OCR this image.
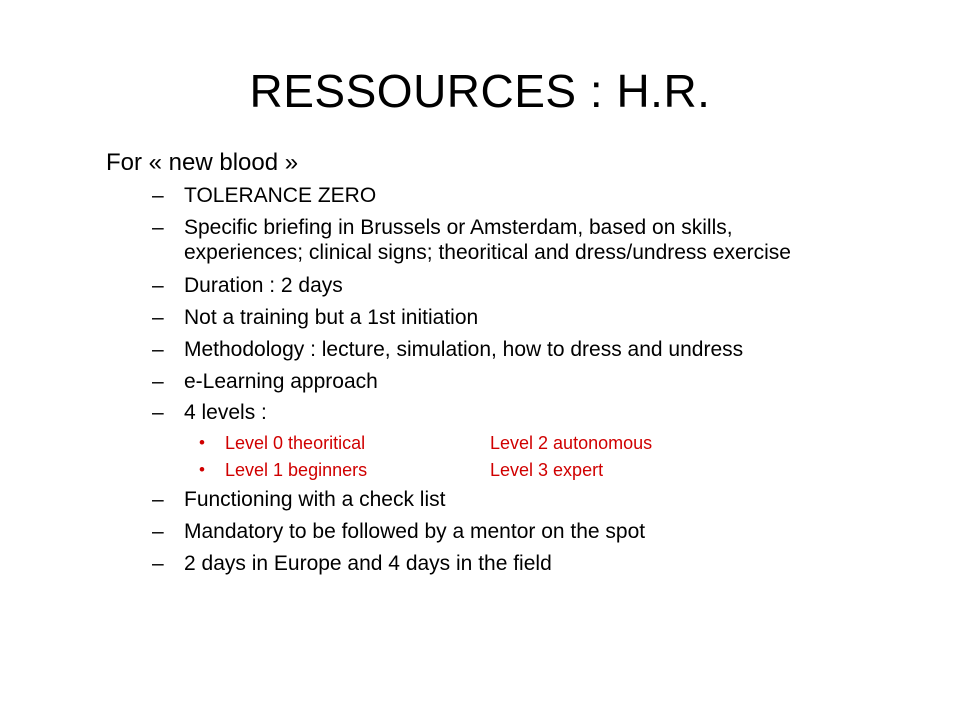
RESSOURCES : H.R.
For « new blood »
– TOLERANCE ZERO
– Specific briefing in Brussels or Amsterdam, based on skills,
experiences; clinical signs; theoritical and dress/undress exercise
– Duration : 2 days
– Not a training but a 1st initiation
– Methodology : lecture, simulation, how to dress and undress
– e-Learning approach
– 4 levels :
• Level 0 theoritical	Level 2 autonomous
• Level 1 beginners	Level 3 expert
– Functioning with a check list
– Mandatory to be followed by a mentor on the spot
– 2 days in Europe and 4 days in the field
